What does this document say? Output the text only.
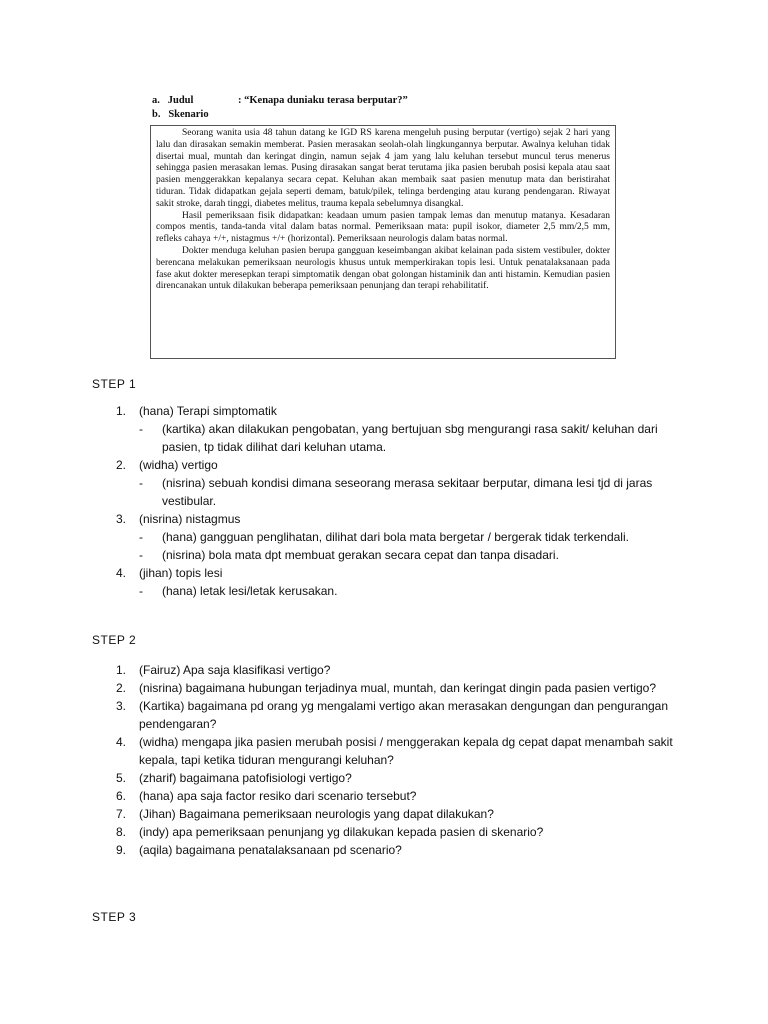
a. Judul	: “Kenapa duniaku terasa berputar?”
b. Skenario

Seorang wanita usia 48 tahun datang ke IGD RS karena mengeluh pusing berputar (vertigo) sejak 2 hari yang lalu dan dirasakan semakin memberat. Pasien merasakan seolah-olah lingkungannya berputar. Awalnya keluhan tidak disertai mual, muntah dan keringat dingin, namun sejak 4 jam yang lalu keluhan tersebut muncul terus menerus sehingga pasien merasakan lemas. Pusing dirasakan sangat berat terutama jika pasien berubah posisi kepala atau saat pasien menggerakkan kepalanya secara cepat. Keluhan akan membaik saat pasien menutup mata dan beristirahat tiduran. Tidak didapatkan gejala seperti demam, batuk/pilek, telinga berdenging atau kurang pendengaran. Riwayat sakit stroke, darah tinggi, diabetes melitus, trauma kepala sebelumnya disangkal.

Hasil pemeriksaan fisik didapatkan: keadaan umum pasien tampak lemas dan menutup matanya. Kesadaran compos mentis, tanda-tanda vital dalam batas normal. Pemeriksaan mata: pupil isokor, diameter 2,5 mm/2,5 mm, refleks cahaya +/+, nistagmus +/+ (horizontal). Pemeriksaan neurologis dalam batas normal.

Dokter menduga keluhan pasien berupa gangguan keseimbangan akibat kelainan pada sistem vestibuler, dokter berencana melakukan pemeriksaan neurologis khusus untuk memperkirakan topis lesi. Untuk penatalaksanaan pada fase akut dokter meresepkan terapi simptomatik dengan obat golongan histaminik dan anti histamin. Kemudian pasien direncanakan untuk dilakukan beberapa pemeriksaan penunjang dan terapi rehabilitatif.

STEP 1
1. (hana) Terapi simptomatik
- (kartika) akan dilakukan pengobatan, yang bertujuan sbg mengurangi rasa sakit/ keluhan dari pasien, tp tidak dilihat dari keluhan utama.
2. (widha) vertigo
- (nisrina) sebuah kondisi dimana seseorang merasa sekitaar berputar, dimana lesi tjd di jaras vestibular.
3. (nisrina) nistagmus
- (hana) gangguan penglihatan, dilihat dari bola mata bergetar / bergerak tidak terkendali.
- (nisrina) bola mata dpt membuat gerakan secara cepat dan tanpa disadari.
4. (jihan) topis lesi
- (hana) letak lesi/letak kerusakan.
STEP 2
1. (Fairuz) Apa saja klasifikasi vertigo?
2. (nisrina) bagaimana hubungan terjadinya mual, muntah, dan keringat dingin pada pasien vertigo?
3. (Kartika) bagaimana pd orang yg mengalami vertigo akan merasakan dengungan dan pengurangan pendengaran?
4. (widha) mengapa jika pasien merubah posisi / menggerakan kepala dg cepat dapat menambah sakit kepala, tapi ketika tiduran mengurangi keluhan?
5. (zharif) bagaimana patofisiologi vertigo?
6. (hana) apa saja factor resiko dari scenario tersebut?
7. (Jihan) Bagaimana pemeriksaan neurologis yang dapat dilakukan?
8. (indy) apa pemeriksaan penunjang yg dilakukan kepada pasien di skenario?
9. (aqila) bagaimana penatalaksanaan pd scenario?
STEP 3
